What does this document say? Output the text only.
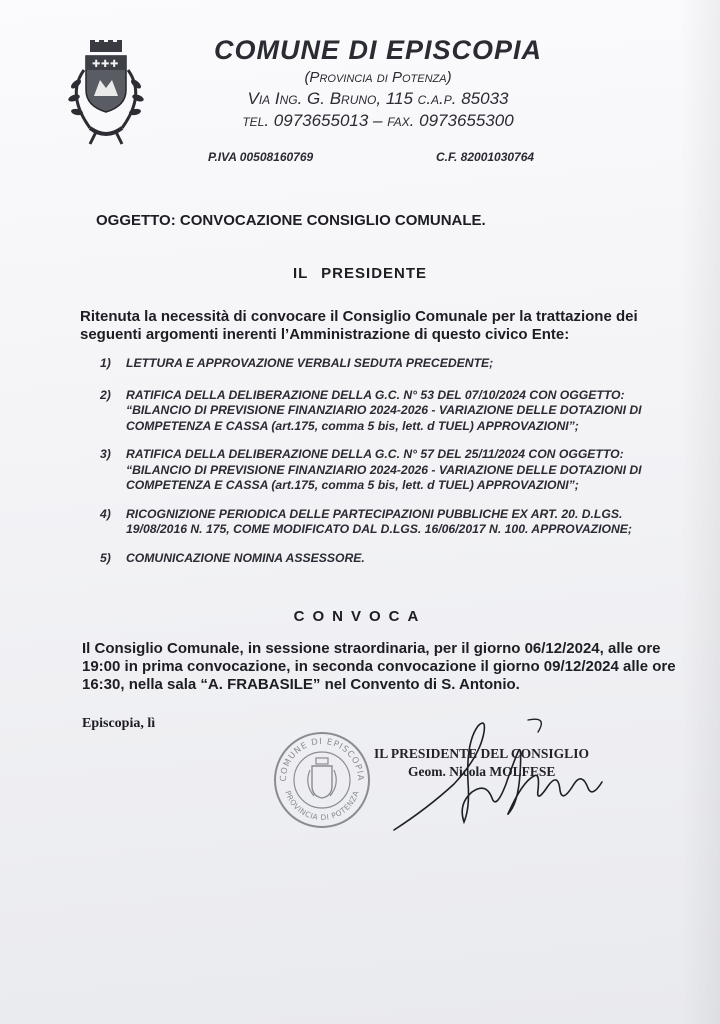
✚ ✚ ✚	COMUNE DI EPISCOPIA
(Provincia di Potenza)
Via Ing. G. Bruno, 115 c.a.p. 85033
tel. 0973655013 – fax. 0973655300
P.IVA 00508160769	C.F. 82001030764
OGGETTO: CONVOCAZIONE CONSIGLIO COMUNALE.
IL PRESIDENTE
Ritenuta la necessità di convocare il Consiglio Comunale per la trattazione dei seguenti argomenti inerenti l’Amministrazione di questo civico Ente:
1) LETTURA E APPROVAZIONE VERBALI SEDUTA PRECEDENTE;
2) RATIFICA DELLA DELIBERAZIONE DELLA G.C. N° 53 DEL 07/10/2024 CON OGGETTO: “BILANCIO DI PREVISIONE FINANZIARIO 2024-2026 - VARIAZIONE DELLE DOTAZIONI DI COMPETENZA E CASSA (art.175, comma 5 bis, lett. d TUEL) APPROVAZIONI”;
3) RATIFICA DELLA DELIBERAZIONE DELLA G.C. N° 57 DEL 25/11/2024 CON OGGETTO: “BILANCIO DI PREVISIONE FINANZIARIO 2024-2026 - VARIAZIONE DELLE DOTAZIONI DI COMPETENZA E CASSA (art.175, comma 5 bis, lett. d TUEL) APPROVAZIONI”;
4) RICOGNIZIONE PERIODICA DELLE PARTECIPAZIONI PUBBLICHE EX ART. 20. D.LGS. 19/08/2016 N. 175, COME MODIFICATO DAL D.LGS. 16/06/2017 N. 100. APPROVAZIONE;
5) COMUNICAZIONE NOMINA ASSESSORE.
CONVOCA
Il Consiglio Comunale, in sessione straordinaria, per il giorno 06/12/2024, alle ore 19:00 in prima convocazione, in seconda convocazione il giorno 09/12/2024 alle ore 16:30, nella sala “A. FRABASILE” nel Convento di S. Antonio.
Episcopia, lì
COMUNE DI EPISCOPIA
PROVINCIA DI POTENZA
IL PRESIDENTE DEL CONSIGLIO
Geom. Nicola MOLFESE
